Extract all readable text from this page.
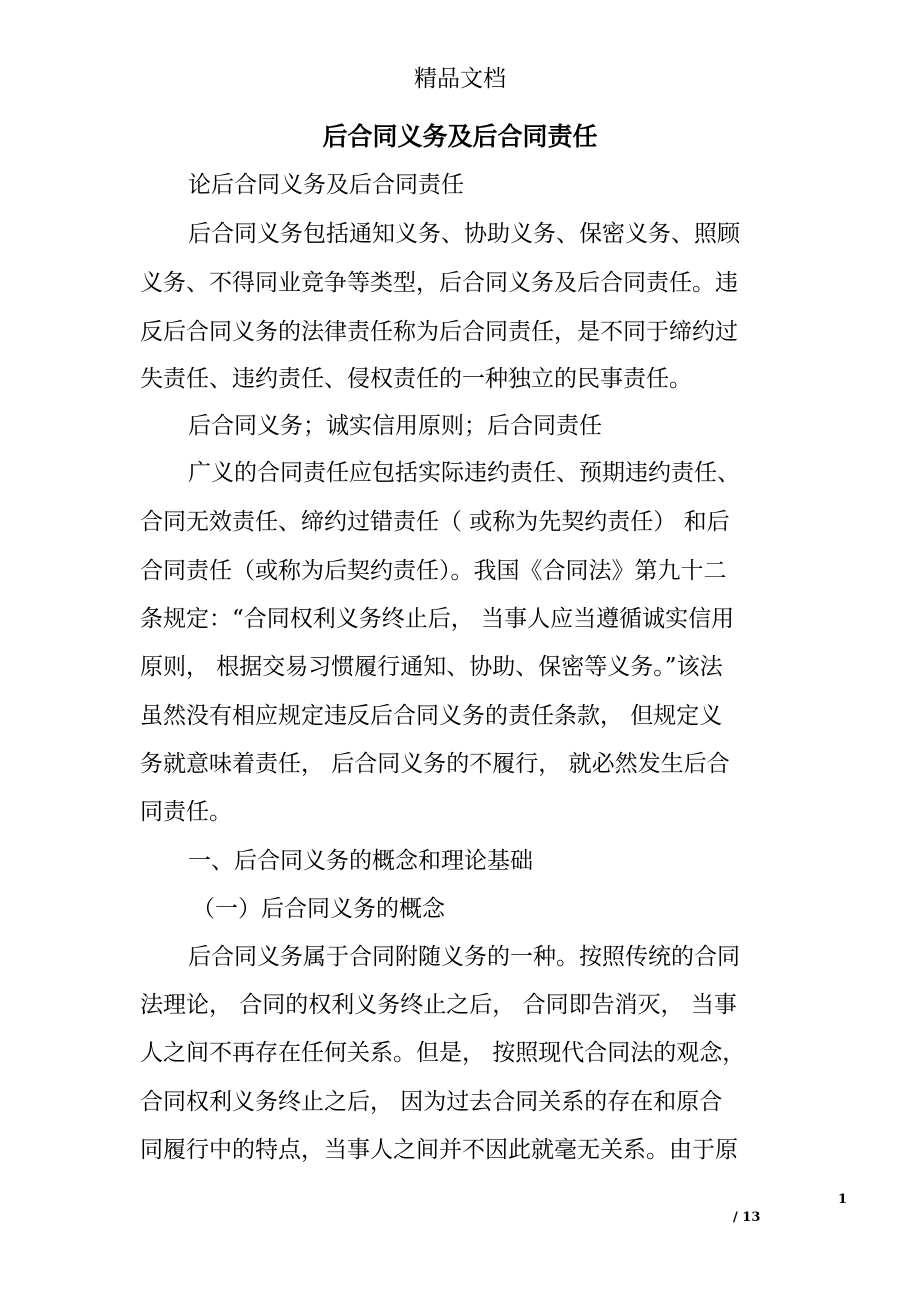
精品文档
后合同义务及后合同责任
论后合同义务及后合同责任
后合同义务包括通知义务、协助义务、保密义务、照顾
义务、不得同业竞争等类型，后合同义务及后合同责任。违
反后合同义务的法律责任称为后合同责任，是不同于缔约过
失责任、违约责任、侵权责任的一种独立的民事责任。
后合同义务；诚实信用原则；后合同责任
广义的合同责任应包括实际违约责任、预期违约责任、
合同无效责任、缔约过错责任（ 或称为先契约责任） 和后
合同责任（或称为后契约责任）。我国《合同法》第九十二
条规定：“合同权利义务终止后， 当事人应当遵循诚实信用
原则， 根据交易习惯履行通知、协助、保密等义务。”该法
虽然没有相应规定违反后合同义务的责任条款， 但规定义
务就意味着责任， 后合同义务的不履行， 就必然发生后合
同责任。
一、后合同义务的概念和理论基础
（一）后合同义务的概念
后合同义务属于合同附随义务的一种。按照传统的合同
法理论， 合同的权利义务终止之后， 合同即告消灭， 当事
人之间不再存在任何关系。但是， 按照现代合同法的观念，
合同权利义务终止之后， 因为过去合同关系的存在和原合
同履行中的特点，当事人之间并不因此就毫无关系。由于原
1
/ 13
